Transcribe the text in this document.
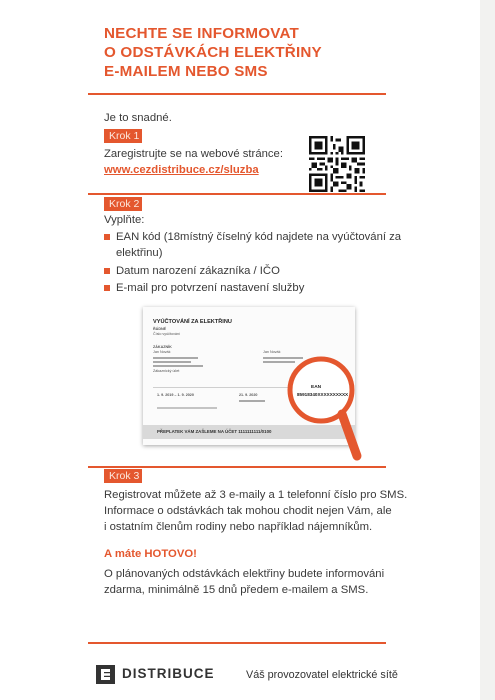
NECHTE SE INFORMOVAT
O ODSTÁVKÁCH ELEKTŘINY
E-MAILEM NEBO SMS
Je to snadné.
Krok 1
Zaregistrujte se na webové stránce:
www.cezdistribuce.cz/sluzba
Krok 2
Vyplňte:
EAN kód (18místný číselný kód najdete na vyúčtování za elektřinu)
Datum narození zákazníka / IČO
E-mail pro potvrzení nastavení služby
VYÚČTOVÁNÍ ZA ELEKTŘINU
ŘÁDNÉ
Číslo vyúčtování
ZÁKAZNÍK
Jan Novák
Zákaznický účet
Jan Novák
1. 9. 2019 – 1. 9. 2020	21. 9. 2020
PŘEPLATEK VÁM ZAŠLEME NA ÚČET 1111111111/0100
EAN
85918340XXXXXXXXXX
Krok 3
Registrovat můžete až 3 e-maily a 1 telefonní číslo pro SMS.
Informace o odstávkách tak mohou chodit nejen Vám, ale
i ostatním členům rodiny nebo například nájemníkům.
A máte HOTOVO!
O plánovaných odstávkách elektřiny budete informováni
zdarma, minimálně 15 dnů předem e-mailem a SMS.
DISTRIBUCE	Váš provozovatel elektrické sítě
